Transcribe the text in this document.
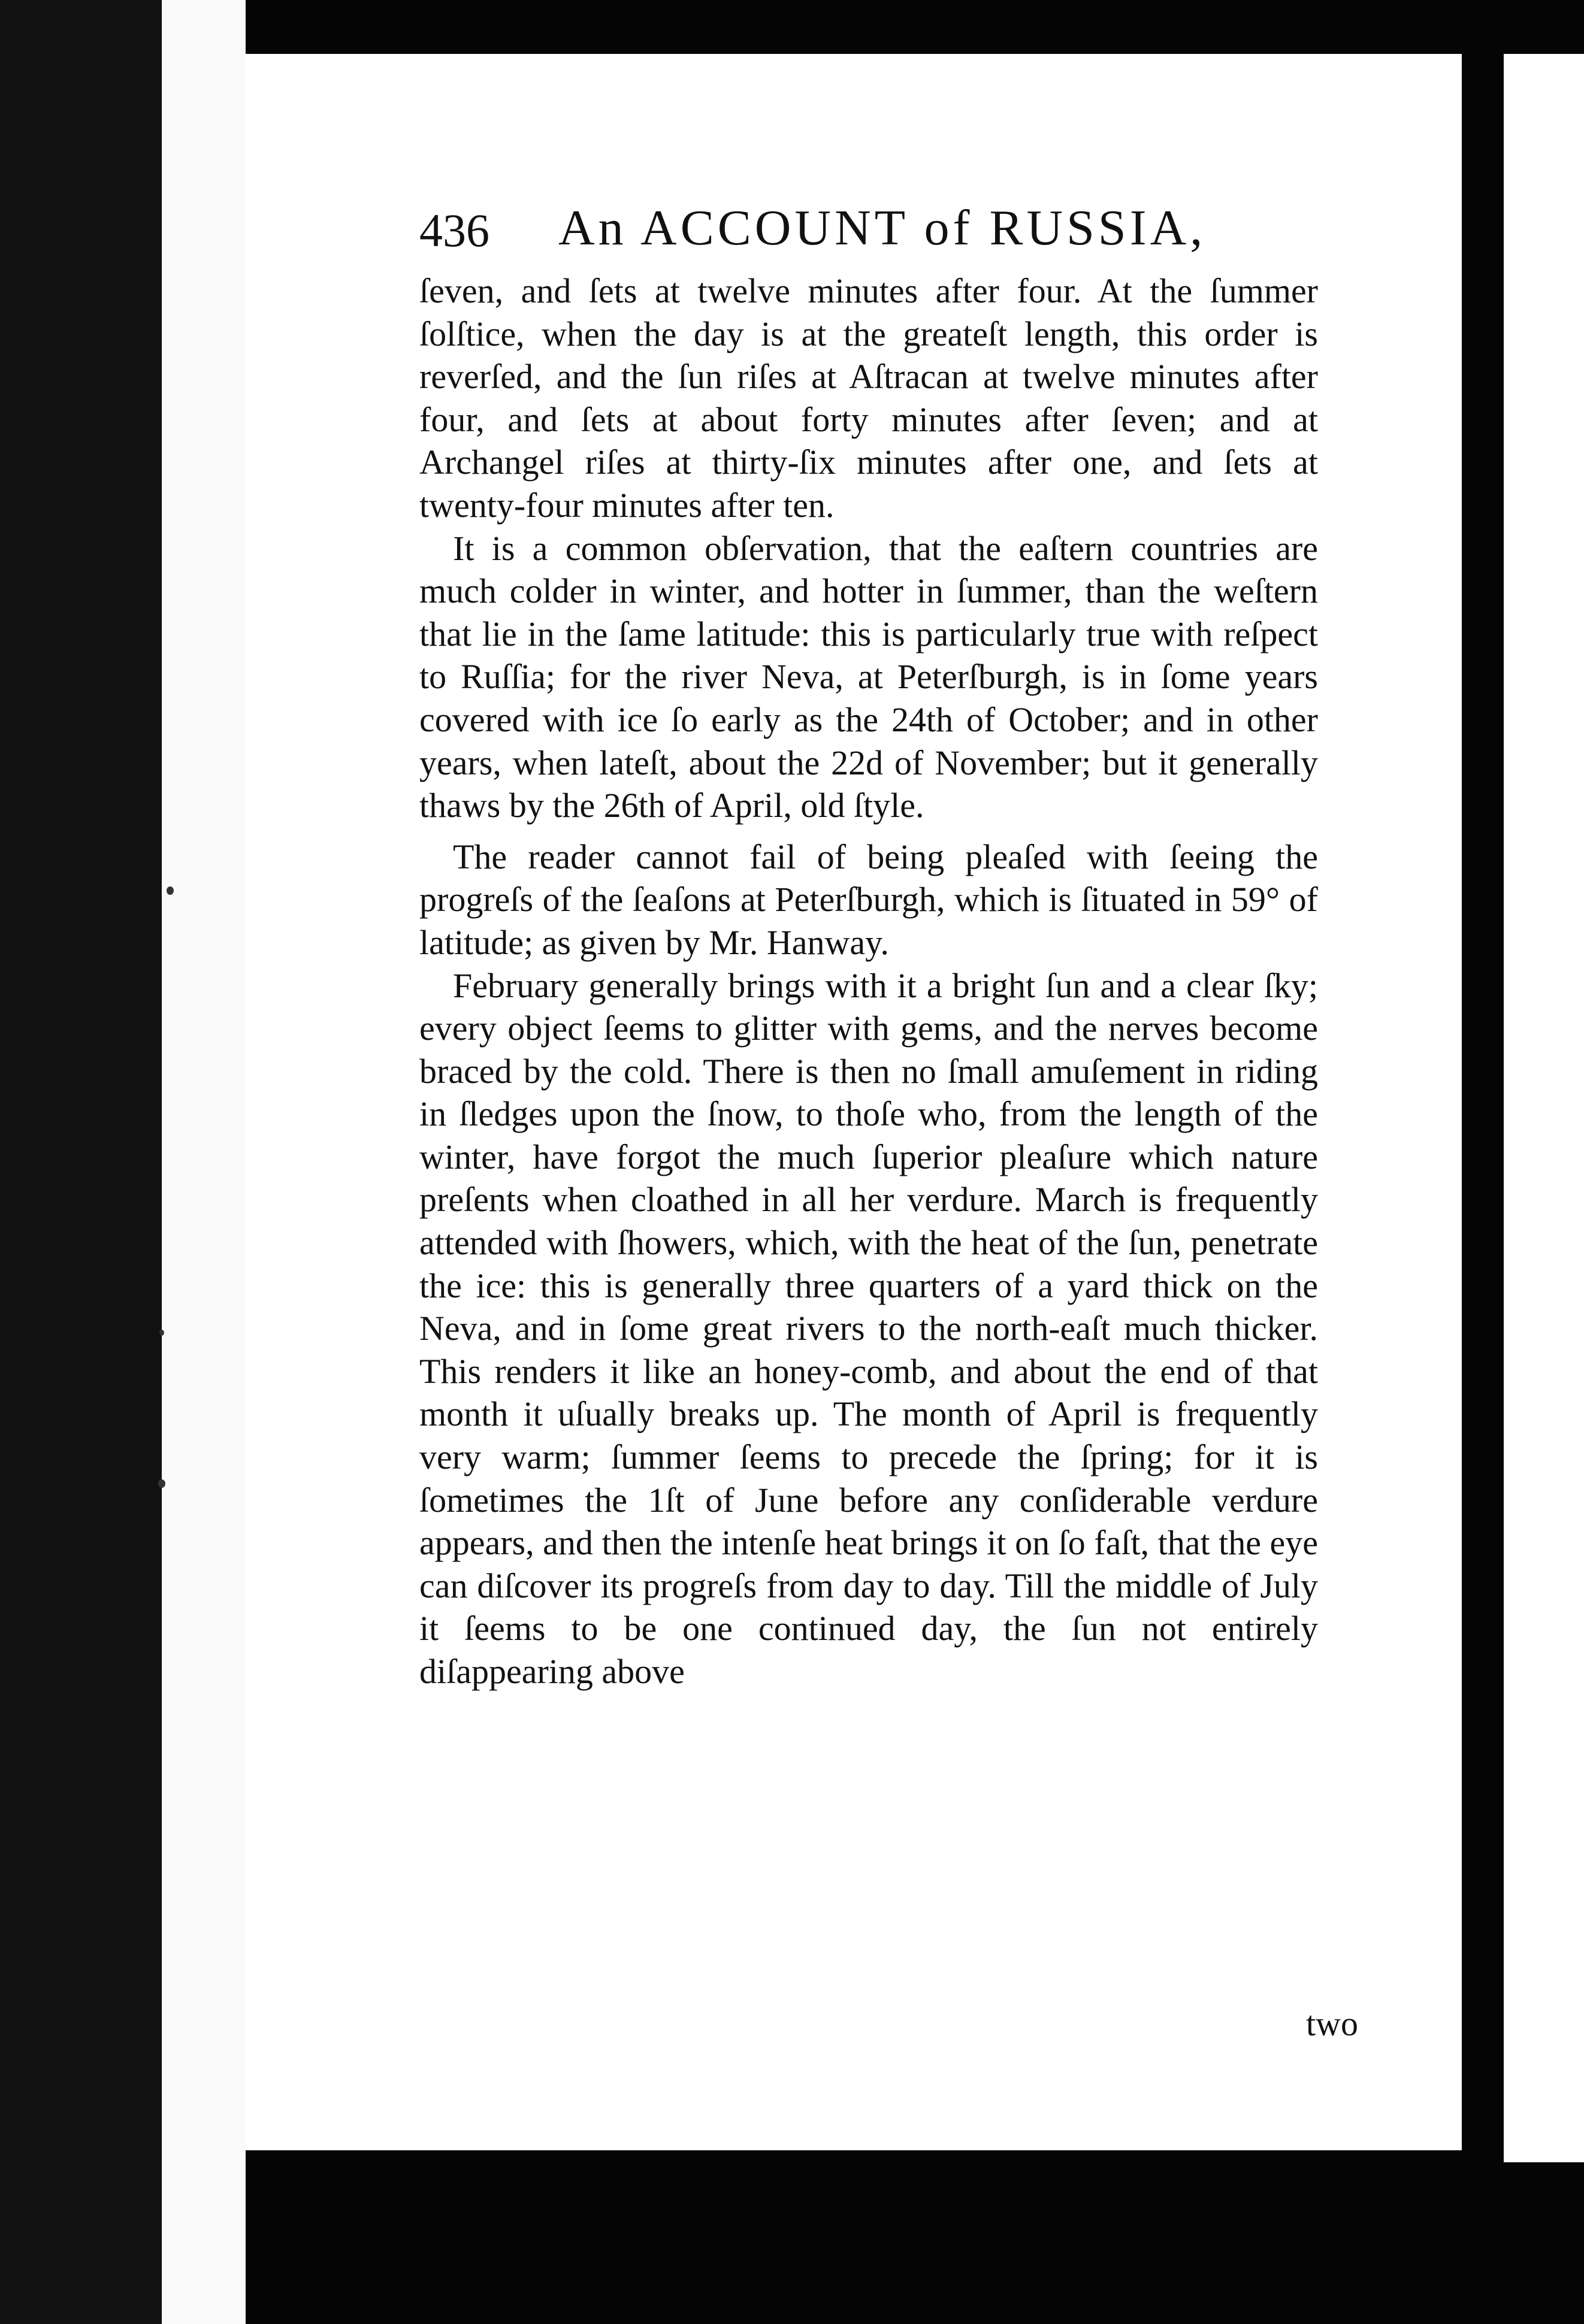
436 An ACCOUNT of RUSSIA,

ſeven, and ſets at twelve minutes after four. At the ſummer ſolſtice, when the day is at the greateſt length, this order is reverſed, and the ſun riſes at Aſtracan at twelve minutes after four, and ſets at about forty minutes after ſeven; and at Archangel riſes at thirty-ſix minutes after one, and ſets at twenty-four minutes after ten.

It is a common obſervation, that the eaſtern countries are much colder in winter, and hotter in ſummer, than the weſtern that lie in the ſame latitude: this is particularly true with reſpect to Ruſſia; for the river Neva, at Peterſburgh, is in ſome years covered with ice ſo early as the 24th of October; and in other years, when lateſt, about the 22d of November; but it generally thaws by the 26th of April, old ſtyle.

The reader cannot fail of being pleaſed with ſeeing the progreſs of the ſeaſons at Peterſburgh, which is ſituated in 59° of latitude; as given by Mr. Hanway.

February generally brings with it a bright ſun and a clear ſky; every object ſeems to glitter with gems, and the nerves become braced by the cold. There is then no ſmall amuſement in riding in ſledges upon the ſnow, to thoſe who, from the length of the winter, have forgot the much ſuperior pleaſure which nature preſents when cloathed in all her verdure. March is frequently attended with ſhowers, which, with the heat of the ſun, penetrate the ice: this is generally three quarters of a yard thick on the Neva, and in ſome great rivers to the north-eaſt much thicker. This renders it like an honey-comb, and about the end of that month it uſually breaks up. The month of April is frequently very warm; ſummer ſeems to precede the ſpring; for it is ſometimes the 1ſt of June before any conſiderable verdure appears, and then the intenſe heat brings it on ſo faſt, that the eye can diſcover its progreſs from day to day. Till the middle of July it ſeems to be one continued day, the ſun not entirely diſappearing above

two
